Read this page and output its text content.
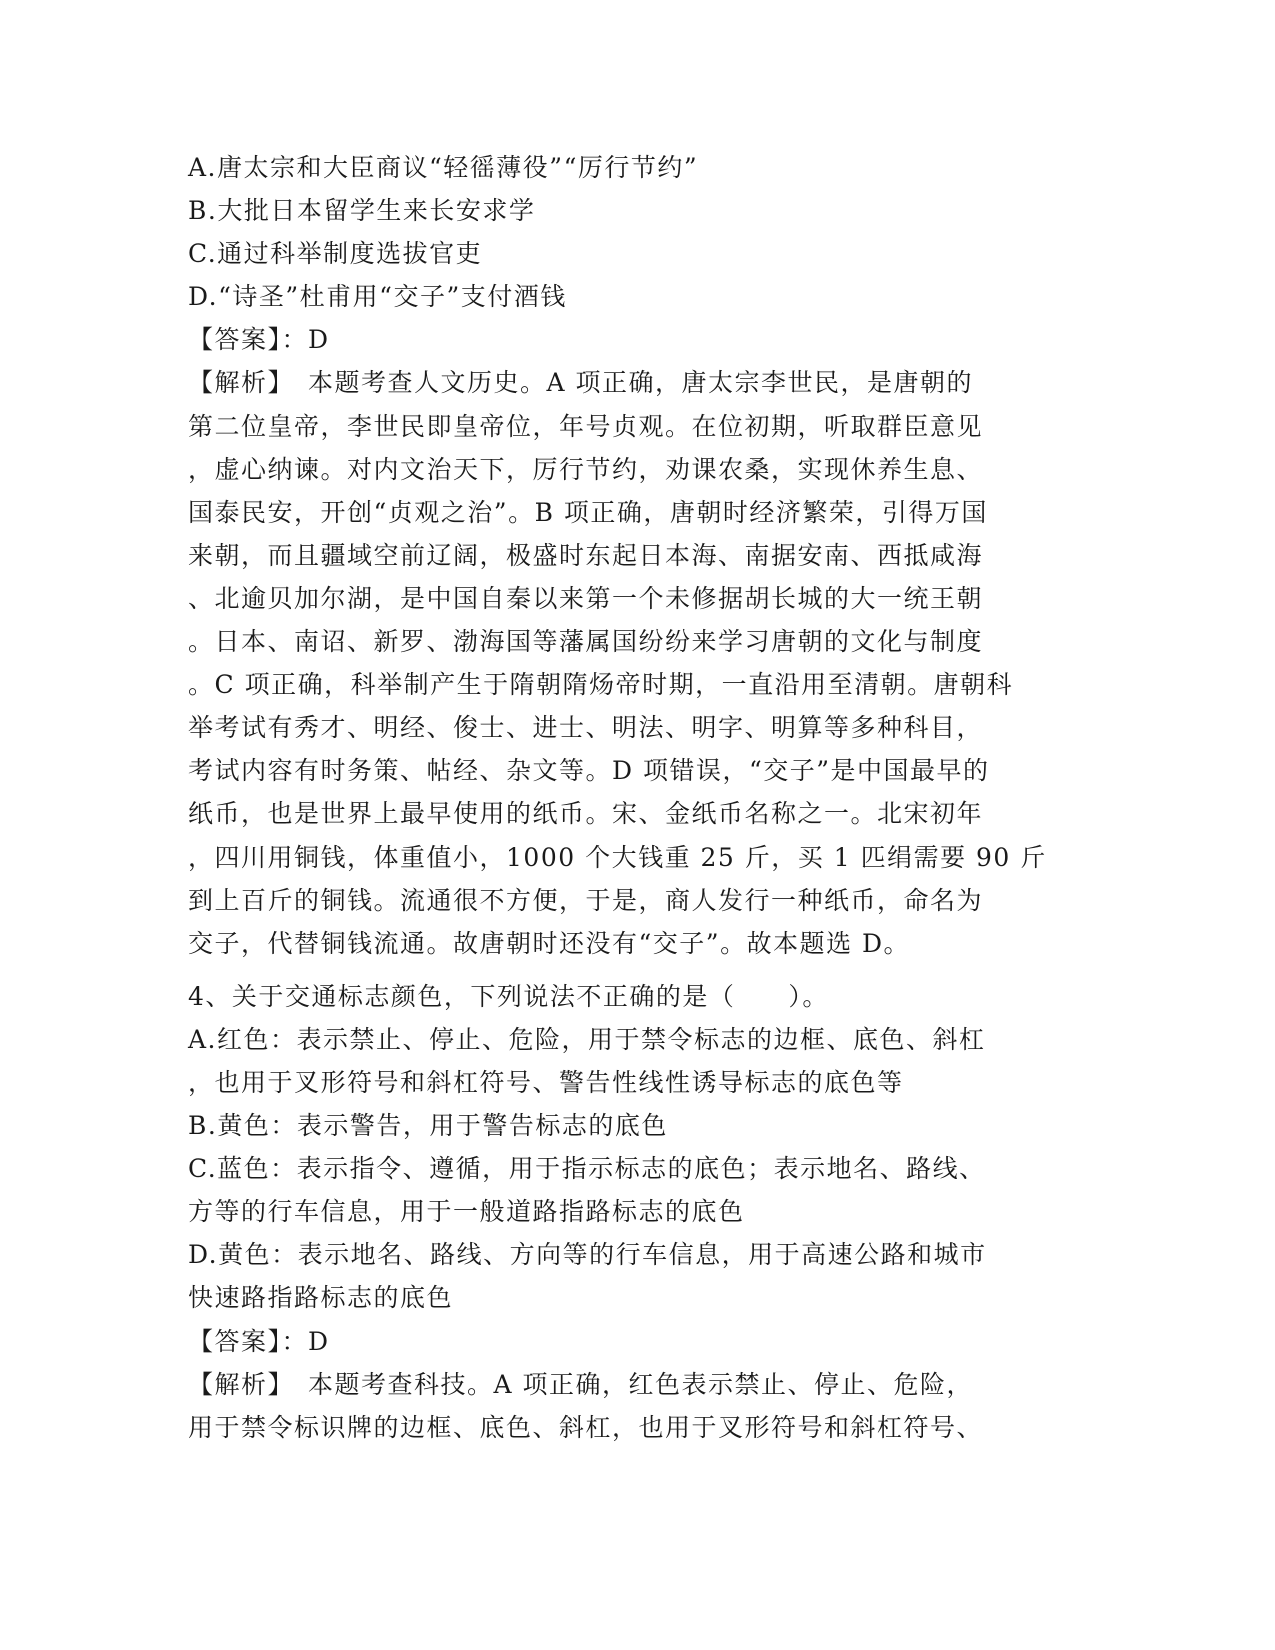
A.唐太宗和大臣商议“轻徭薄役”“厉行节约”
B.大批日本留学生来长安求学
C.通过科举制度选拔官吏
D.“诗圣”杜甫用“交子”支付酒钱
【答案】：D
【解析】　本题考查人文历史。A 项正确，唐太宗李世民，是唐朝的
第二位皇帝，李世民即皇帝位，年号贞观。在位初期，听取群臣意见
，虚心纳谏。对内文治天下，厉行节约，劝课农桑，实现休养生息、
国泰民安，开创“贞观之治”。B 项正确，唐朝时经济繁荣，引得万国
来朝，而且疆域空前辽阔，极盛时东起日本海、南据安南、西抵咸海
、北逾贝加尔湖，是中国自秦以来第一个未修据胡长城的大一统王朝
。日本、南诏、新罗、渤海国等藩属国纷纷来学习唐朝的文化与制度
。C 项正确，科举制产生于隋朝隋炀帝时期，一直沿用至清朝。唐朝科
举考试有秀才、明经、俊士、进士、明法、明字、明算等多种科目，
考试内容有时务策、帖经、杂文等。D 项错误，“交子”是中国最早的
纸币，也是世界上最早使用的纸币。宋、金纸币名称之一。北宋初年
，四川用铜钱，体重值小，1000 个大钱重 25 斤，买 1 匹绢需要 90 斤
到上百斤的铜钱。流通很不方便，于是，商人发行一种纸币，命名为
交子，代替铜钱流通。故唐朝时还没有“交子”。故本题选 D。
4、关于交通标志颜色，下列说法不正确的是（　　）。
A.红色：表示禁止、停止、危险，用于禁令标志的边框、底色、斜杠
，也用于叉形符号和斜杠符号、警告性线性诱导标志的底色等
B.黄色：表示警告，用于警告标志的底色
C.蓝色：表示指令、遵循，用于指示标志的底色；表示地名、路线、
方等的行车信息，用于一般道路指路标志的底色
D.黄色：表示地名、路线、方向等的行车信息，用于高速公路和城市
快速路指路标志的底色
【答案】：D
【解析】　本题考查科技。A 项正确，红色表示禁止、停止、危险，
用于禁令标识牌的边框、底色、斜杠，也用于叉形符号和斜杠符号、
